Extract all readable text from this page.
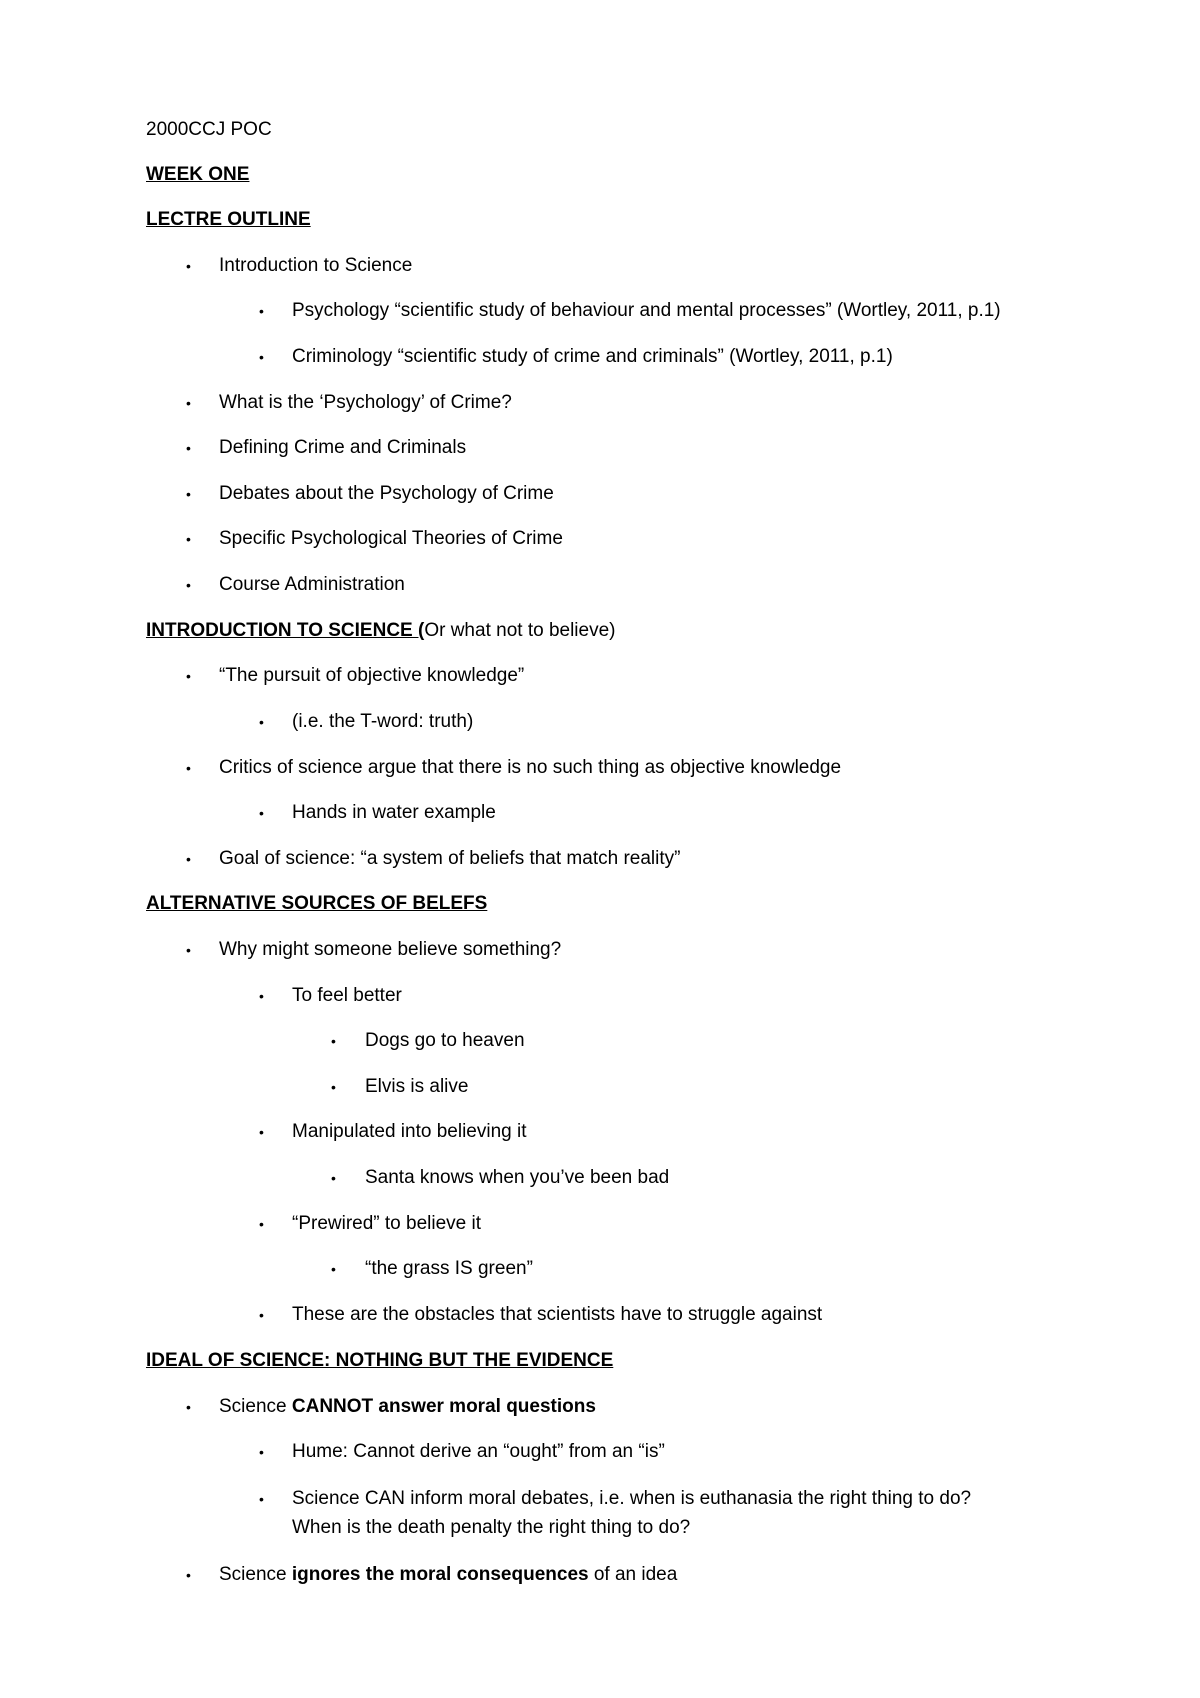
2000CCJ POC
WEEK ONE
LECTRE OUTLINE
• Introduction to Science
• Psychology “scientific study of behaviour and mental processes” (Wortley, 2011, p.1)
• Criminology “scientific study of crime and criminals” (Wortley, 2011, p.1)
• What is the ‘Psychology’ of Crime?
• Defining Crime and Criminals
• Debates about the Psychology of Crime
• Specific Psychological Theories of Crime
• Course Administration
INTRODUCTION TO SCIENCE (Or what not to believe)
• “The pursuit of objective knowledge”
• (i.e. the T-word: truth)
• Critics of science argue that there is no such thing as objective knowledge
• Hands in water example
• Goal of science: “a system of beliefs that match reality”
ALTERNATIVE SOURCES OF BELEFS
• Why might someone believe something?
• To feel better
• Dogs go to heaven
• Elvis is alive
• Manipulated into believing it
• Santa knows when you’ve been bad
• “Prewired” to believe it
• “the grass IS green”
• These are the obstacles that scientists have to struggle against
IDEAL OF SCIENCE: NOTHING BUT THE EVIDENCE
• Science CANNOT answer moral questions
• Hume: Cannot derive an “ought” from an “is”
• Science CAN inform moral debates, i.e. when is euthanasia the right thing to do?
When is the death penalty the right thing to do?
• Science ignores the moral consequences of an idea
